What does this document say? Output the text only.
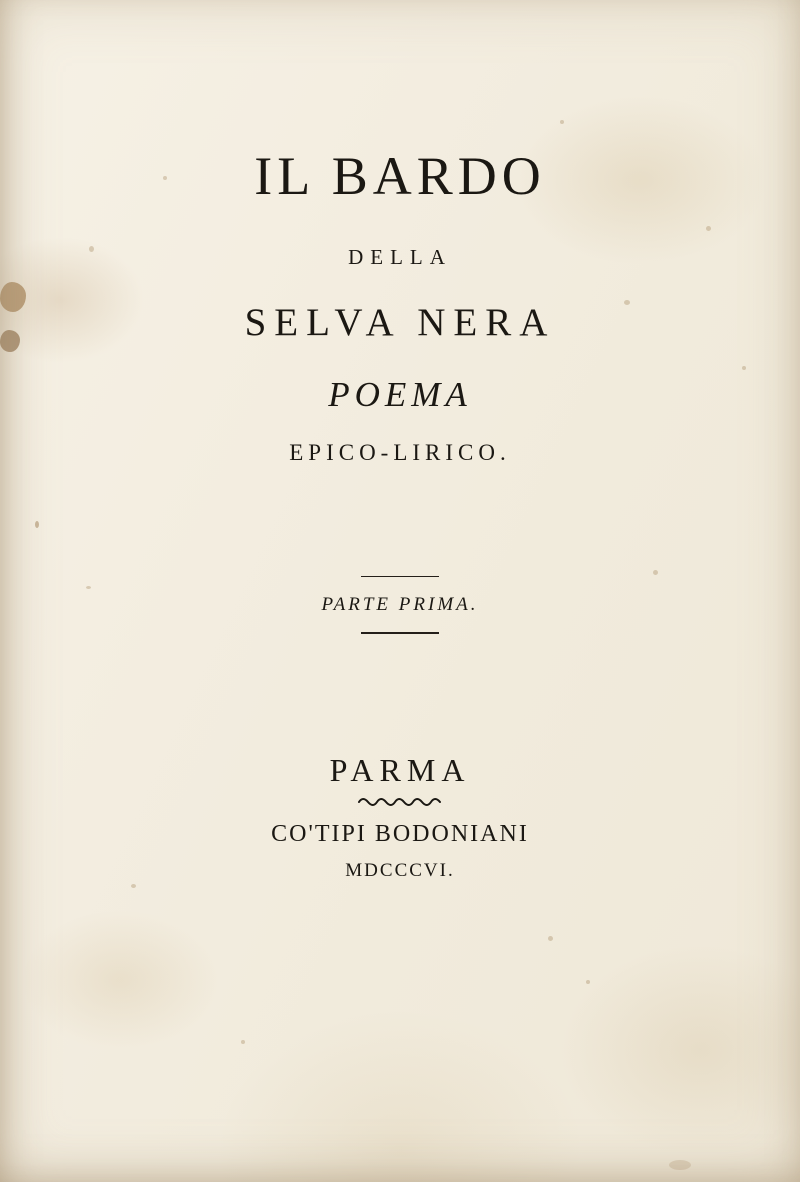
IL BARDO
DELLA
SELVA NERA
POEMA
EPICO-LIRICO.
PARTE PRIMA.
PARMA
CO'TIPI BODONIANI
MDCCCVI.
